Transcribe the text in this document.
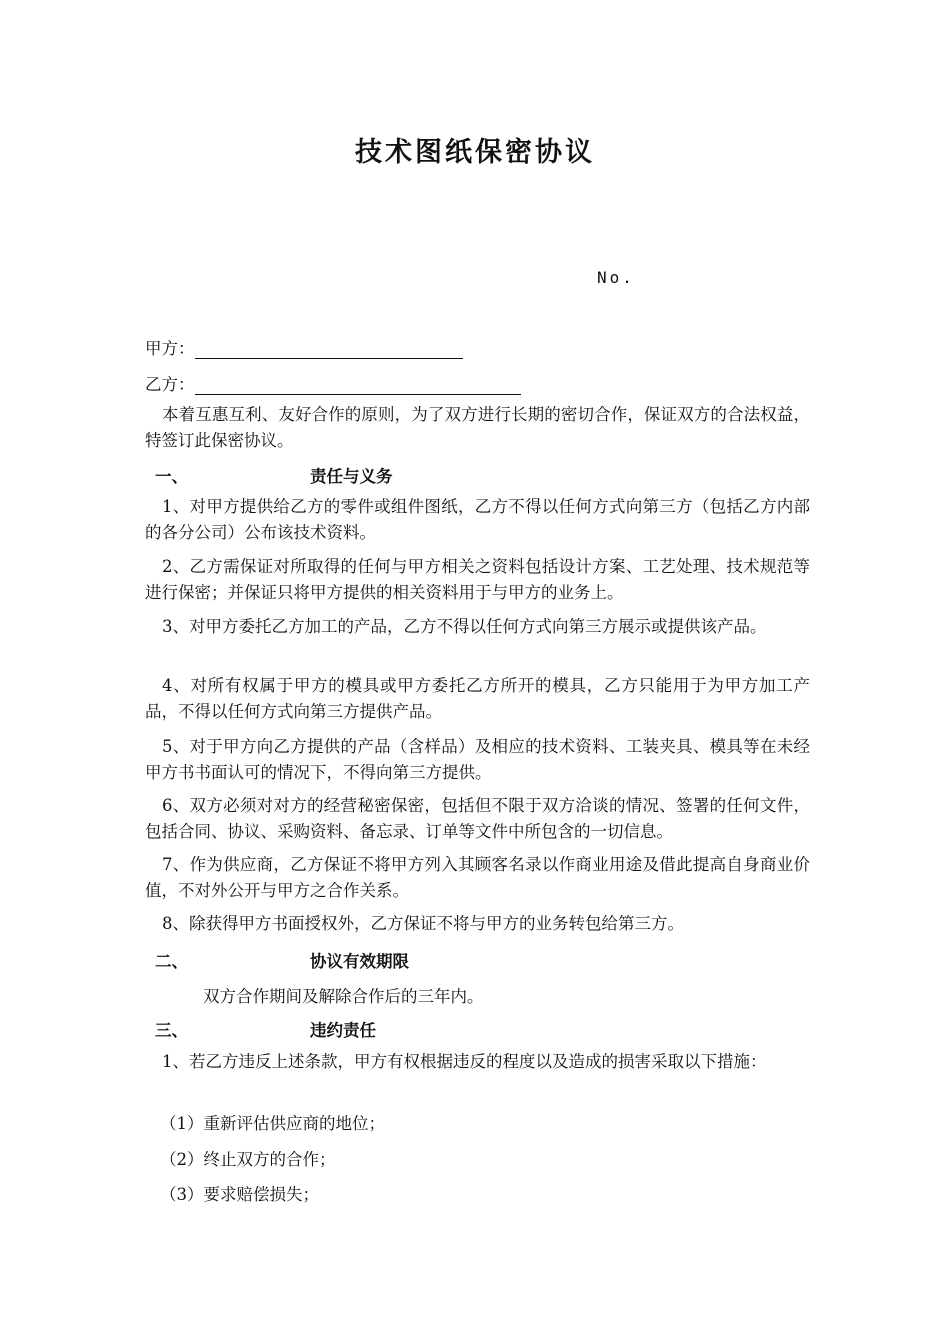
技术图纸保密协议
No.
甲方：
乙方：
本着互惠互利、友好合作的原则，为了双方进行长期的密切合作，保证双方的合法权益，特签订此保密协议。
一、	责任与义务
1、对甲方提供给乙方的零件或组件图纸，乙方不得以任何方式向第三方（包括乙方内部的各分公司）公布该技术资料。
2、乙方需保证对所取得的任何与甲方相关之资料包括设计方案、工艺处理、技术规范等进行保密；并保证只将甲方提供的相关资料用于与甲方的业务上。
3、对甲方委托乙方加工的产品，乙方不得以任何方式向第三方展示或提供该产品。
4、对所有权属于甲方的模具或甲方委托乙方所开的模具，乙方只能用于为甲方加工产品，不得以任何方式向第三方提供产品。
5、对于甲方向乙方提供的产品（含样品）及相应的技术资料、工装夹具、模具等在未经甲方书书面认可的情况下，不得向第三方提供。
6、双方必须对对方的经营秘密保密，包括但不限于双方洽谈的情况、签署的任何文件，包括合同、协议、采购资料、备忘录、订单等文件中所包含的一切信息。
7、作为供应商，乙方保证不将甲方列入其顾客名录以作商业用途及借此提高自身商业价值，不对外公开与甲方之合作关系。
8、除获得甲方书面授权外，乙方保证不将与甲方的业务转包给第三方。
二、	协议有效期限
双方合作期间及解除合作后的三年内。
三、	违约责任
1、若乙方违反上述条款，甲方有权根据违反的程度以及造成的损害采取以下措施：
（1）重新评估供应商的地位；
（2）终止双方的合作；
（3）要求赔偿损失；
